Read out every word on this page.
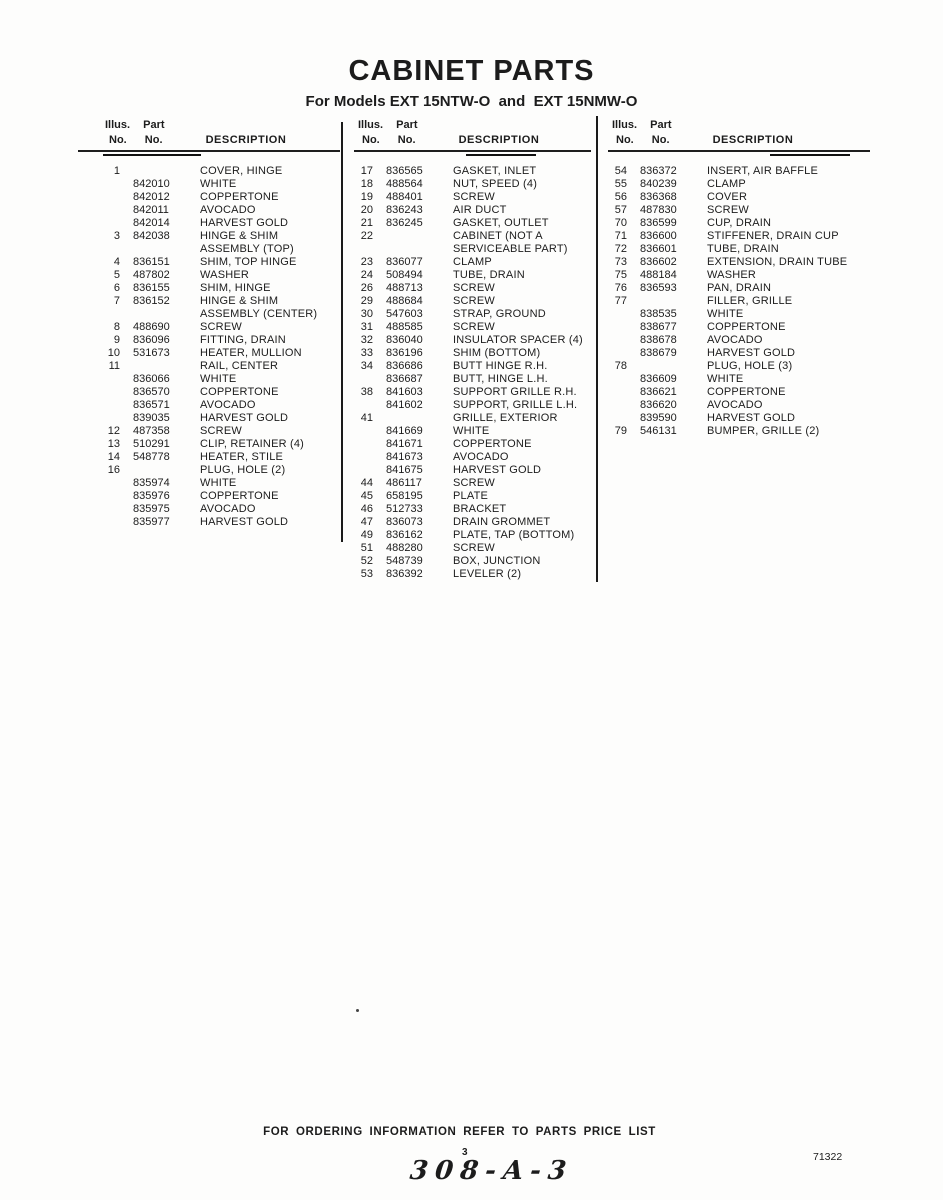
CABINET PARTS
For Models EXT 15NTW-O  and  EXT 15NMW-O
Illus. Part
No. No.	DESCRIPTION
1	COVER, HINGE
842010	WHITE
842012	COPPERTONE
842011	AVOCADO
842014	HARVEST GOLD
3 842038	HINGE & SHIM
ASSEMBLY (TOP)
4 836151	SHIM, TOP HINGE
5 487802	WASHER
6 836155	SHIM, HINGE
7 836152	HINGE & SHIM
ASSEMBLY (CENTER)
8 488690	SCREW
9 836096	FITTING, DRAIN
10 531673	HEATER, MULLION
11	RAIL, CENTER
836066	WHITE
836570	COPPERTONE
836571	AVOCADO
839035	HARVEST GOLD
12 487358	SCREW
13 510291	CLIP, RETAINER (4)
14 548778	HEATER, STILE
16	PLUG, HOLE (2)
835974	WHITE
835976	COPPERTONE
835975	AVOCADO
835977	HARVEST GOLD
Illus. Part
No. No.	DESCRIPTION
17 836565	GASKET, INLET
18 488564	NUT, SPEED (4)
19 488401	SCREW
20 836243	AIR DUCT
21 836245	GASKET, OUTLET
22	CABINET (NOT A
SERVICEABLE PART)
23 836077	CLAMP
24 508494	TUBE, DRAIN
26 488713	SCREW
29 488684	SCREW
30 547603	STRAP, GROUND
31 488585	SCREW
32 836040	INSULATOR SPACER (4)
33 836196	SHIM (BOTTOM)
34 836686	BUTT HINGE R.H.
836687	BUTT, HINGE L.H.
38 841603	SUPPORT GRILLE R.H.
841602	SUPPORT, GRILLE L.H.
41	GRILLE, EXTERIOR
841669	WHITE
841671	COPPERTONE
841673	AVOCADO
841675	HARVEST GOLD
44 486117	SCREW
45 658195	PLATE
46 512733	BRACKET
47 836073	DRAIN GROMMET
49 836162	PLATE, TAP (BOTTOM)
51 488280	SCREW
52 548739	BOX, JUNCTION
53 836392	LEVELER (2)
Illus. Part
No. No.	DESCRIPTION
54 836372	INSERT, AIR BAFFLE
55 840239	CLAMP
56 836368	COVER
57 487830	SCREW
70 836599	CUP, DRAIN
71 836600	STIFFENER, DRAIN CUP
72 836601	TUBE, DRAIN
73 836602	EXTENSION, DRAIN TUBE
75 488184	WASHER
76 836593	PAN, DRAIN
77	FILLER, GRILLE
838535	WHITE
838677	COPPERTONE
838678	AVOCADO
838679	HARVEST GOLD
78	PLUG, HOLE (3)
836609	WHITE
836621	COPPERTONE
836620	AVOCADO
839590	HARVEST GOLD
79 546131	BUMPER, GRILLE (2)
FOR ORDERING INFORMATION REFER TO PARTS PRICE LIST
3	71322
308-A-3
